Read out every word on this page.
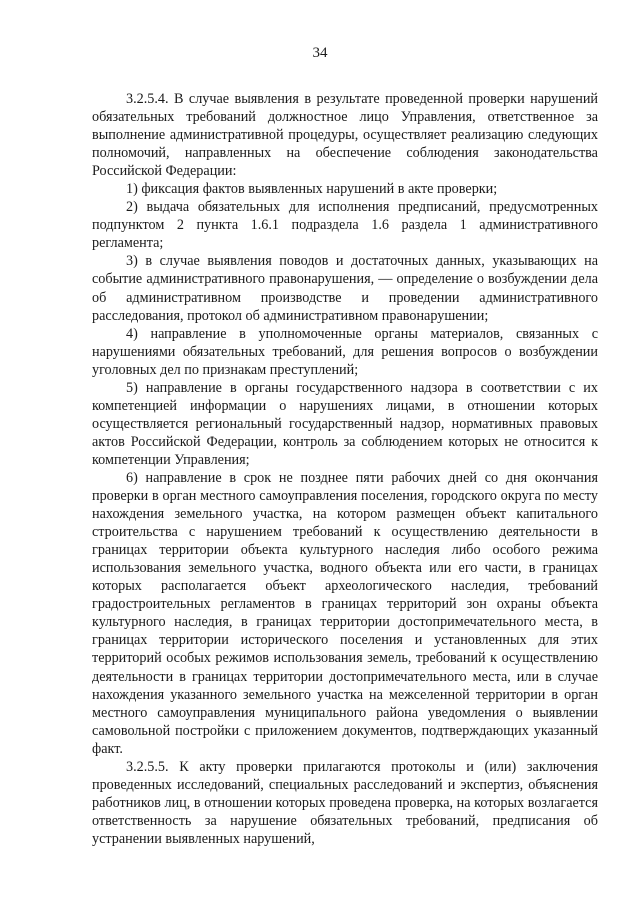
34

3.2.5.4. В случае выявления в результате проведенной проверки нарушений обязательных требований должностное лицо Управления, ответственное за выполнение административной процедуры, осуществляет реализацию следующих полномочий, направленных на обеспечение соблюдения законодательства Российской Федерации:

1) фиксация фактов выявленных нарушений в акте проверки;

2) выдача обязательных для исполнения предписаний, предусмотренных подпунктом 2 пункта 1.6.1 подраздела 1.6 раздела 1 административного регламента;

3) в случае выявления поводов и достаточных данных, указывающих на событие административного правонарушения, –– определение о возбуждении дела об административном производстве и проведении административного расследования, протокол об административном правонарушении;

4) направление в уполномоченные органы материалов, связанных с нарушениями обязательных требований, для решения вопросов о возбуждении уголовных дел по признакам преступлений;

5) направление в органы государственного надзора в соответствии с их компетенцией информации о нарушениях лицами, в отношении которых осуществляется региональный государственный надзор, нормативных правовых актов Российской Федерации, контроль за соблюдением которых не относится к компетенции Управления;

6) направление в срок не позднее пяти рабочих дней со дня окончания проверки в орган местного самоуправления поселения, городского округа по месту нахождения земельного участка, на котором размещен объект капитального строительства с нарушением требований к осуществлению деятельности в границах территории объекта культурного наследия либо особого режима использования земельного участка, водного объекта или его части, в границах которых располагается объект археологического наследия, требований градостроительных регламентов в границах территорий зон охраны объекта культурного наследия, в границах территории достопримечательного места, в границах территории исторического поселения и установленных для этих территорий особых режимов использования земель, требований к осуществлению деятельности в границах территории достопримечательного места, или в случае нахождения указанного земельного участка на межселенной территории в орган местного самоуправления муниципального района уведомления о выявлении самовольной постройки с приложением документов, подтверждающих указанный факт.

3.2.5.5. К акту проверки прилагаются протоколы и (или) заключения проведенных исследований, специальных расследований и экспертиз, объяснения работников лиц, в отношении которых проведена проверка, на которых возлагается ответственность за нарушение обязательных требований, предписания об устранении выявленных нарушений,
